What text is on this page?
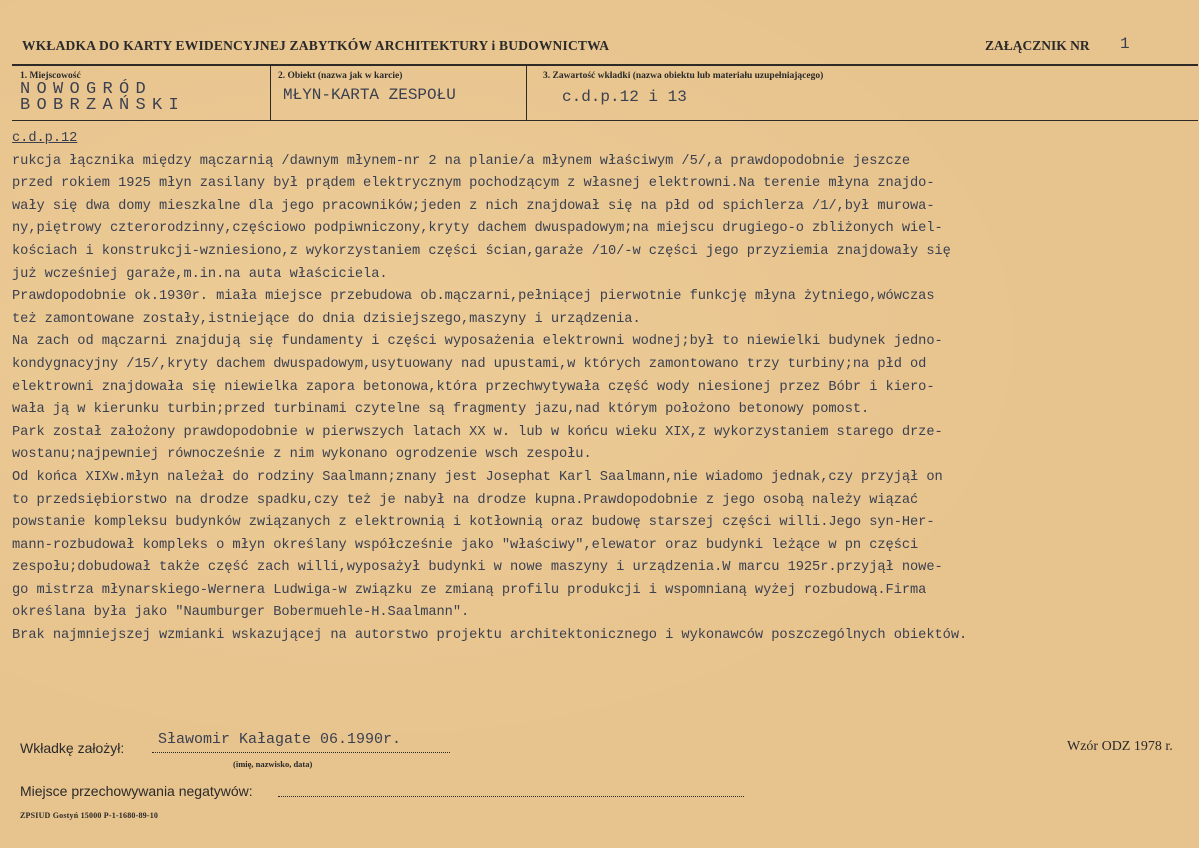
WKŁADKA DO KARTY EWIDENCYJNEJ ZABYTKÓW ARCHITEKTURY i BUDOWNICTWA	ZAŁĄCZNIK NR 1
1. Miejscowość
NOWOGRÓD
BOBRZAŃSKI
2. Obiekt (nazwa jak w karcie)
MŁYN-KARTA ZESPOŁU
3. Zawartość wkładki (nazwa obiektu lub materiału uzupełniającego)
c.d.p.12 i 13
c.d.p.12
rukcja łącznika między mączarnią /dawnym młynem-nr 2 na planie/a młynem właściwym /5/,a prawdopodobnie jeszcze
przed rokiem 1925 młyn zasilany był prądem elektrycznym pochodzącym z własnej elektrowni.Na terenie młyna znajdo-
wały się dwa domy mieszkalne dla jego pracowników;jeden z nich znajdował się na płd od spichlerza /1/,był murowa-
ny,piętrowy czterorodzinny,częściowo podpiwniczony,kryty dachem dwuspadowym;na miejscu drugiego-o zbliżonych wiel-
kościach i konstrukcji-wzniesiono,z wykorzystaniem części ścian,garaże /10/-w części jego przyziemia znajdowały się
już wcześniej garaże,m.in.na auta właściciela.
Prawdopodobnie ok.1930r. miała miejsce przebudowa ob.mączarni,pełniącej pierwotnie funkcję młyna żytniego,wówczas
też zamontowane zostały,istniejące do dnia dzisiejszego,maszyny i urządzenia.
Na zach od mączarni znajdują się fundamenty i części wyposażenia elektrowni wodnej;był to niewielki budynek jedno-
kondygnacyjny /15/,kryty dachem dwuspadowym,usytuowany nad upustami,w których zamontowano trzy turbiny;na płd od
elektrowni znajdowała się niewielka zapora betonowa,która przechwytywała część wody niesionej przez Bóbr i kiero-
wała ją w kierunku turbin;przed turbinami czytelne są fragmenty jazu,nad którym położono betonowy pomost.
Park został założony prawdopodobnie w pierwszych latach XX w. lub w końcu wieku XIX,z wykorzystaniem starego drze-
wostanu;najpewniej równocześnie z nim wykonano ogrodzenie wsch zespołu.
Od końca XIXw.młyn należał do rodziny Saalmann;znany jest Josephat Karl Saalmann,nie wiadomo jednak,czy przyjął on
to przedsiębiorstwo na drodze spadku,czy też je nabył na drodze kupna.Prawdopodobnie z jego osobą należy wiązać
powstanie kompleksu budynków związanych z elektrownią i kotłownią oraz budowę starszej części willi.Jego syn-Her-
mann-rozbudował kompleks o młyn określany współcześnie jako "właściwy",elewator oraz budynki leżące w pn części
zespołu;dobudował także część zach willi,wyposażył budynki w nowe maszyny i urządzenia.W marcu 1925r.przyjął nowe-
go mistrza młynarskiego-Wernera Ludwiga-w związku ze zmianą profilu produkcji i wspomnianą wyżej rozbudową.Firma
określana była jako "Naumburger Bobermuehle-H.Saalmann".
Brak najmniejszej wzmianki wskazującej na autorstwo projektu architektonicznego i wykonawców poszczególnych obiektów.
Wkładkę założył: Sławomir Kałagate 06.1990r.
(imię, nazwisko, data)
Wzór ODZ 1978 r.
Miejsce przechowywania negatywów:
ZPSIUD Gostyń 15000 P-1-1680-89-10
